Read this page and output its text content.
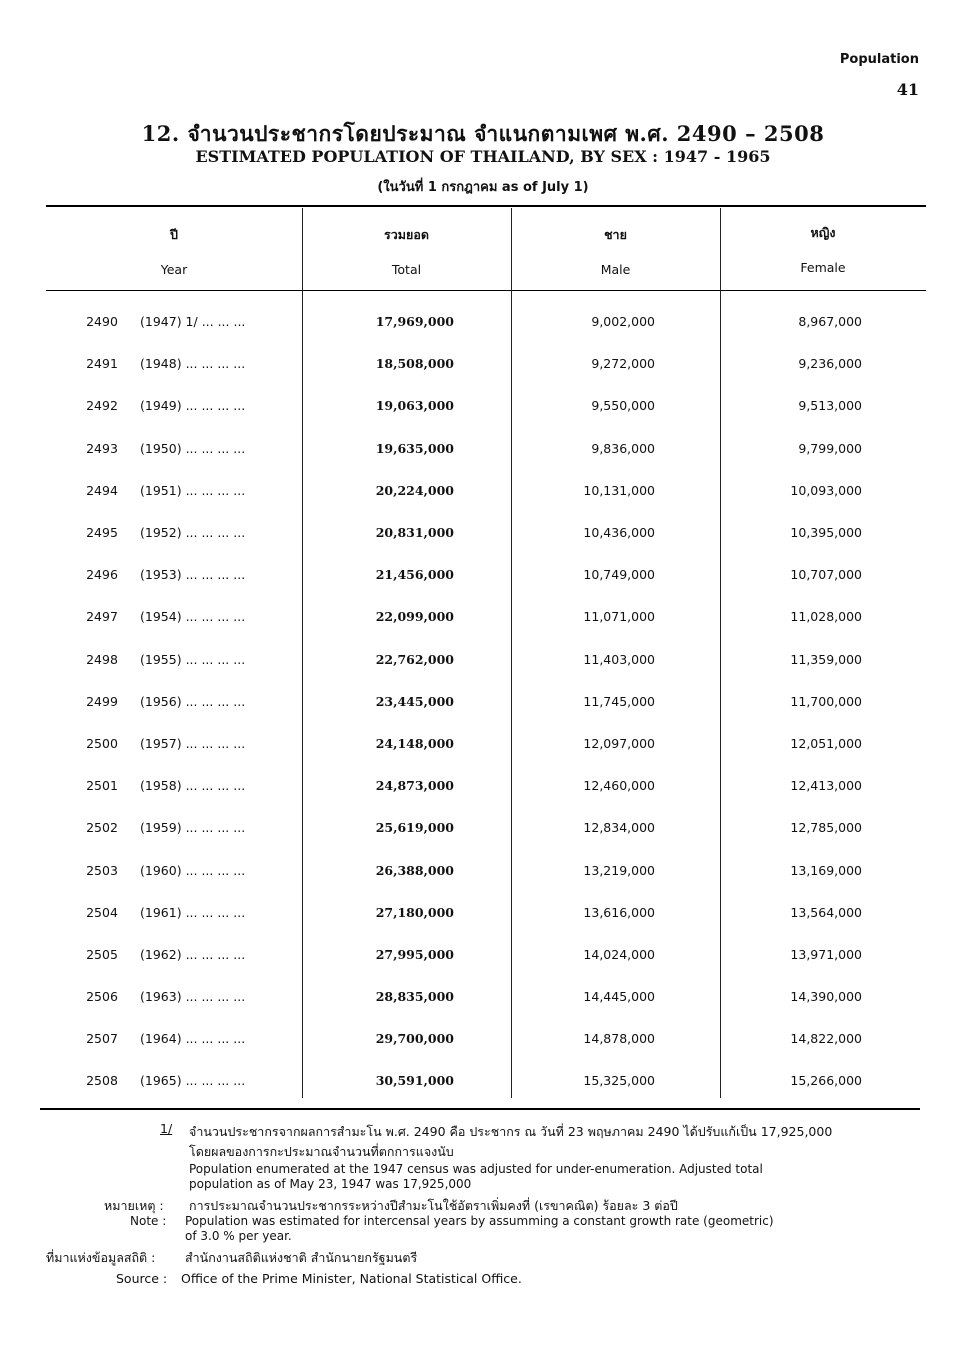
Population
41
12. จำนวนประชากรโดยประมาณ จำแนกตามเพศ พ.ศ. 2490 – 2508
ESTIMATED POPULATION OF THAILAND, BY SEX : 1947 - 1965
(ในวันที่ 1 กรกฎาคม as of July 1)
ปี
Year
รวมยอด
Total
ชาย
Male
หญิง
Female
2490 (1947) 1/ ... ... ...	17,969,000	9,002,000	8,967,000
2491 (1948) ... ... ... ...	18,508,000	9,272,000	9,236,000
2492 (1949) ... ... ... ...	19,063,000	9,550,000	9,513,000
2493 (1950) ... ... ... ...	19,635,000	9,836,000	9,799,000
2494 (1951) ... ... ... ...	20,224,000	10,131,000	10,093,000
2495 (1952) ... ... ... ...	20,831,000	10,436,000	10,395,000
2496 (1953) ... ... ... ...	21,456,000	10,749,000	10,707,000
2497 (1954) ... ... ... ...	22,099,000	11,071,000	11,028,000
2498 (1955) ... ... ... ...	22,762,000	11,403,000	11,359,000
2499 (1956) ... ... ... ...	23,445,000	11,745,000	11,700,000
2500 (1957) ... ... ... ...	24,148,000	12,097,000	12,051,000
2501 (1958) ... ... ... ...	24,873,000	12,460,000	12,413,000
2502 (1959) ... ... ... ...	25,619,000	12,834,000	12,785,000
2503 (1960) ... ... ... ...	26,388,000	13,219,000	13,169,000
2504 (1961) ... ... ... ...	27,180,000	13,616,000	13,564,000
2505 (1962) ... ... ... ...	27,995,000	14,024,000	13,971,000
2506 (1963) ... ... ... ...	28,835,000	14,445,000	14,390,000
2507 (1964) ... ... ... ...	29,700,000	14,878,000	14,822,000
2508 (1965) ... ... ... ...	30,591,000	15,325,000	15,266,000
1/ จำนวนประชากรจากผลการสำมะโน พ.ศ. 2490 คือ ประชากร ณ วันที่ 23 พฤษภาคม 2490 ได้ปรับแก้เป็น 17,925,000
โดยผลของการกะประมาณจำนวนที่ตกการแจงนับ
Population enumerated at the 1947 census was adjusted for under-enumeration. Adjusted total
population as of May 23, 1947 was 17,925,000
หมายเหตุ : การประมาณจำนวนประชากรระหว่างปีสำมะโนใช้อัตราเพิ่มคงที่ (เรขาคณิต) ร้อยละ 3 ต่อปี
Note : Population was estimated for intercensal years by assumming a constant growth rate (geometric)
of 3.0 % per year.
ที่มาแห่งข้อมูลสถิติ : สำนักงานสถิติแห่งชาติ สำนักนายกรัฐมนตรี
Source : Office of the Prime Minister, National Statistical Office.
